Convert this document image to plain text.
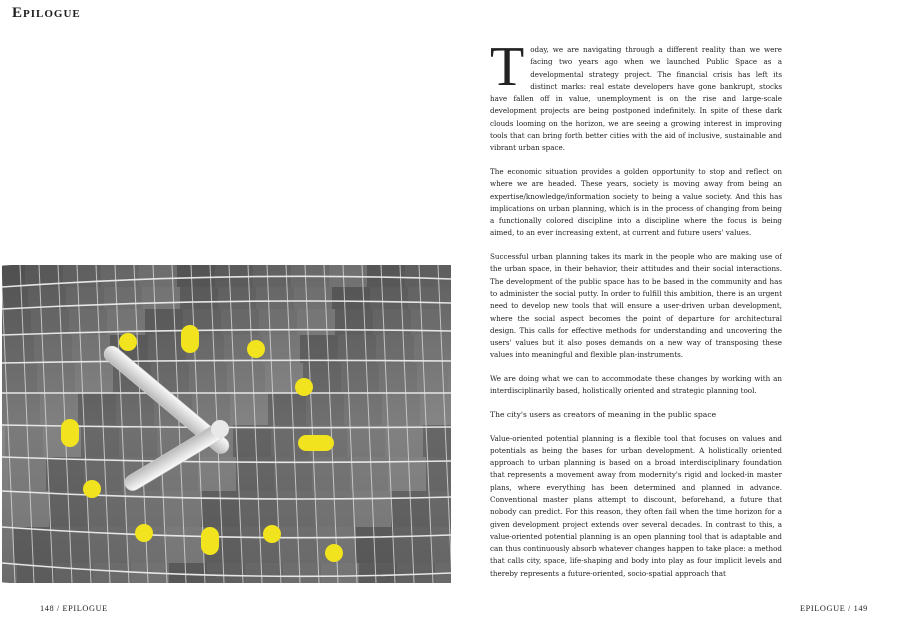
Epilogue

Today, we are navigating through a different reality than we were facing two years ago when we launched Public Space as a developmental strategy project. The financial crisis has left its distinct marks: real estate developers have gone bankrupt, stocks have fallen off in value, unemployment is on the rise and large-scale development projects are being postponed indefinitely. In spite of these dark clouds looming on the horizon, we are seeing a growing interest in improving tools that can bring forth better cities with the aid of inclusive, sustainable and vibrant urban space.

The economic situation provides a golden opportunity to stop and reflect on where we are headed. These years, society is moving away from being an expertise/knowledge/information society to being a value society. And this has implications on urban planning, which is in the process of changing from being a functionally colored discipline into a discipline where the focus is being aimed, to an ever increasing extent, at current and future users' values.

Successful urban planning takes its mark in the people who are making use of the urban space, in their behavior, their attitudes and their social interactions. The development of the public space has to be based in the community and has to administer the social putty. In order to fulfill this ambition, there is an urgent need to develop new tools that will ensure a user-driven urban development, where the social aspect becomes the point of departure for architectural design. This calls for effective methods for understanding and uncovering the users' values but it also poses demands on a new way of transposing these values into meaningful and flexible plan-instruments.

We are doing what we can to accommodate these changes by working with an interdisciplinarily based, holistically oriented and strategic planning tool.

The city's users as creators of meaning in the public space

Value-oriented potential planning is a flexible tool that focuses on values and potentials as being the bases for urban development. A holistically oriented approach to urban planning is based on a broad interdisciplinary foundation that represents a movement away from modernity's rigid and locked-in master plans, where everything has been determined and planned in advance. Conventional master plans attempt to discount, beforehand, a future that nobody can predict. For this reason, they often fail when the time horizon for a given development project extends over several decades. In contrast to this, a value-oriented potential planning is an open planning tool that is adaptable and can thus continuously absorb whatever changes happen to take place: a method that calls city, space, life-shaping and body into play as four implicit levels and thereby represents a future-oriented, socio-spatial approach that

148 / EPILOGUE	EPILOGUE / 149
